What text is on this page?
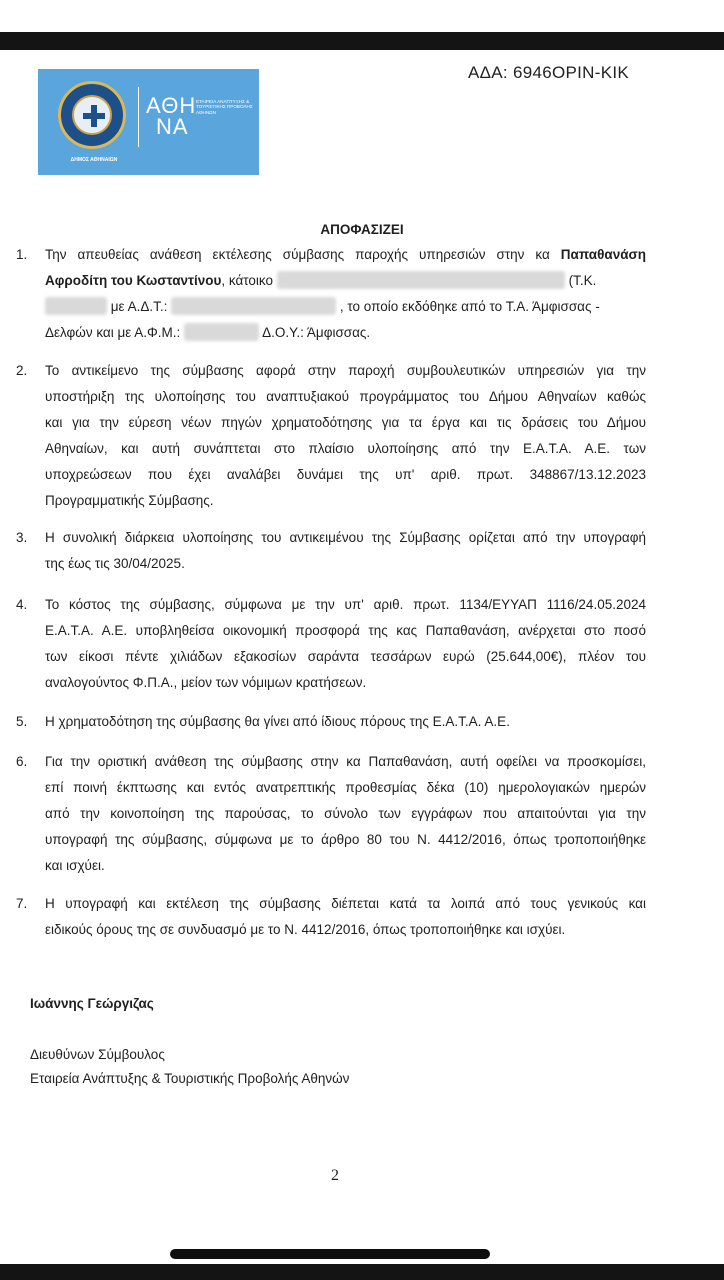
ΑΔΑ: 6946ΟΡΙΝ-ΚΙΚ
ΔΗΜΟΣ ΑΘΗΝΑΙΩΝ
ΑΘΗ
ΝΑ
ΕΤΑΙΡΕΙΑ ΑΝΑΠΤΥΞΗΣ & ΤΟΥΡΙΣΤΙΚΗΣ ΠΡΟΒΟΛΗΣ ΑΘΗΝΩΝ
ΑΠΟΦΑΣΙΖΕΙ
1.	Την απευθείας ανάθεση εκτέλεσης σύμβασης παροχής υπηρεσιών στην κα Παπαθανάση
Αφροδίτη του Κωσταντίνου, κάτοικο	(Τ.Κ.
με Α.Δ.Τ.:	, το οποίο εκδόθηκε από το Τ.Α. Άμφισσας -
Δελφών και με Α.Φ.Μ.:	Δ.Ο.Υ.: Άμφισσας.
2.	Το αντικείμενο της σύμβασης αφορά στην παροχή συμβουλευτικών υπηρεσιών για την
υποστήριξη της υλοποίησης του αναπτυξιακού προγράμματος του Δήμου Αθηναίων καθώς
και για την εύρεση νέων πηγών χρηματοδότησης για τα έργα και τις δράσεις του Δήμου
Αθηναίων, και αυτή συνάπτεται στο πλαίσιο υλοποίησης από την Ε.Α.Τ.Α. Α.Ε. των
υποχρεώσεων που έχει αναλάβει δυνάμει της υπ' αριθ. πρωτ. 348867/13.12.2023
Προγραμματικής Σύμβασης.
3.	Η συνολική διάρκεια υλοποίησης του αντικειμένου της Σύμβασης ορίζεται από την υπογραφή
της έως τις 30/04/2025.
4.	Το κόστος της σύμβασης, σύμφωνα με την υπ' αριθ. πρωτ. 1134/ΕΥΥΑΠ 1116/24.05.2024
Ε.Α.Τ.Α. Α.Ε. υποβληθείσα οικονομική προσφορά της κας Παπαθανάση, ανέρχεται στο ποσό
των είκοσι πέντε χιλιάδων εξακοσίων σαράντα τεσσάρων ευρώ (25.644,00€), πλέον του
αναλογούντος Φ.Π.Α., μείον των νόμιμων κρατήσεων.
5.	Η χρηματοδότηση της σύμβασης θα γίνει από ίδιους πόρους της Ε.Α.Τ.Α. Α.Ε.
6.	Για την οριστική ανάθεση της σύμβασης στην κα Παπαθανάση, αυτή οφείλει να προσκομίσει,
επί ποινή έκπτωσης και εντός ανατρεπτικής προθεσμίας δέκα (10) ημερολογιακών ημερών
από την κοινοποίηση της παρούσας, το σύνολο των εγγράφων που απαιτούνται για την
υπογραφή της σύμβασης, σύμφωνα με το άρθρο 80 του Ν. 4412/2016, όπως τροποποιήθηκε
και ισχύει.
7.	Η υπογραφή και εκτέλεση της σύμβασης διέπεται κατά τα λοιπά από τους γενικούς και
ειδικούς όρους της σε συνδυασμό με το Ν. 4412/2016, όπως τροποποιήθηκε και ισχύει.
Ιωάννης Γεώργιζας
Διευθύνων Σύμβουλος
Εταιρεία Ανάπτυξης & Τουριστικής Προβολής Αθηνών
2
